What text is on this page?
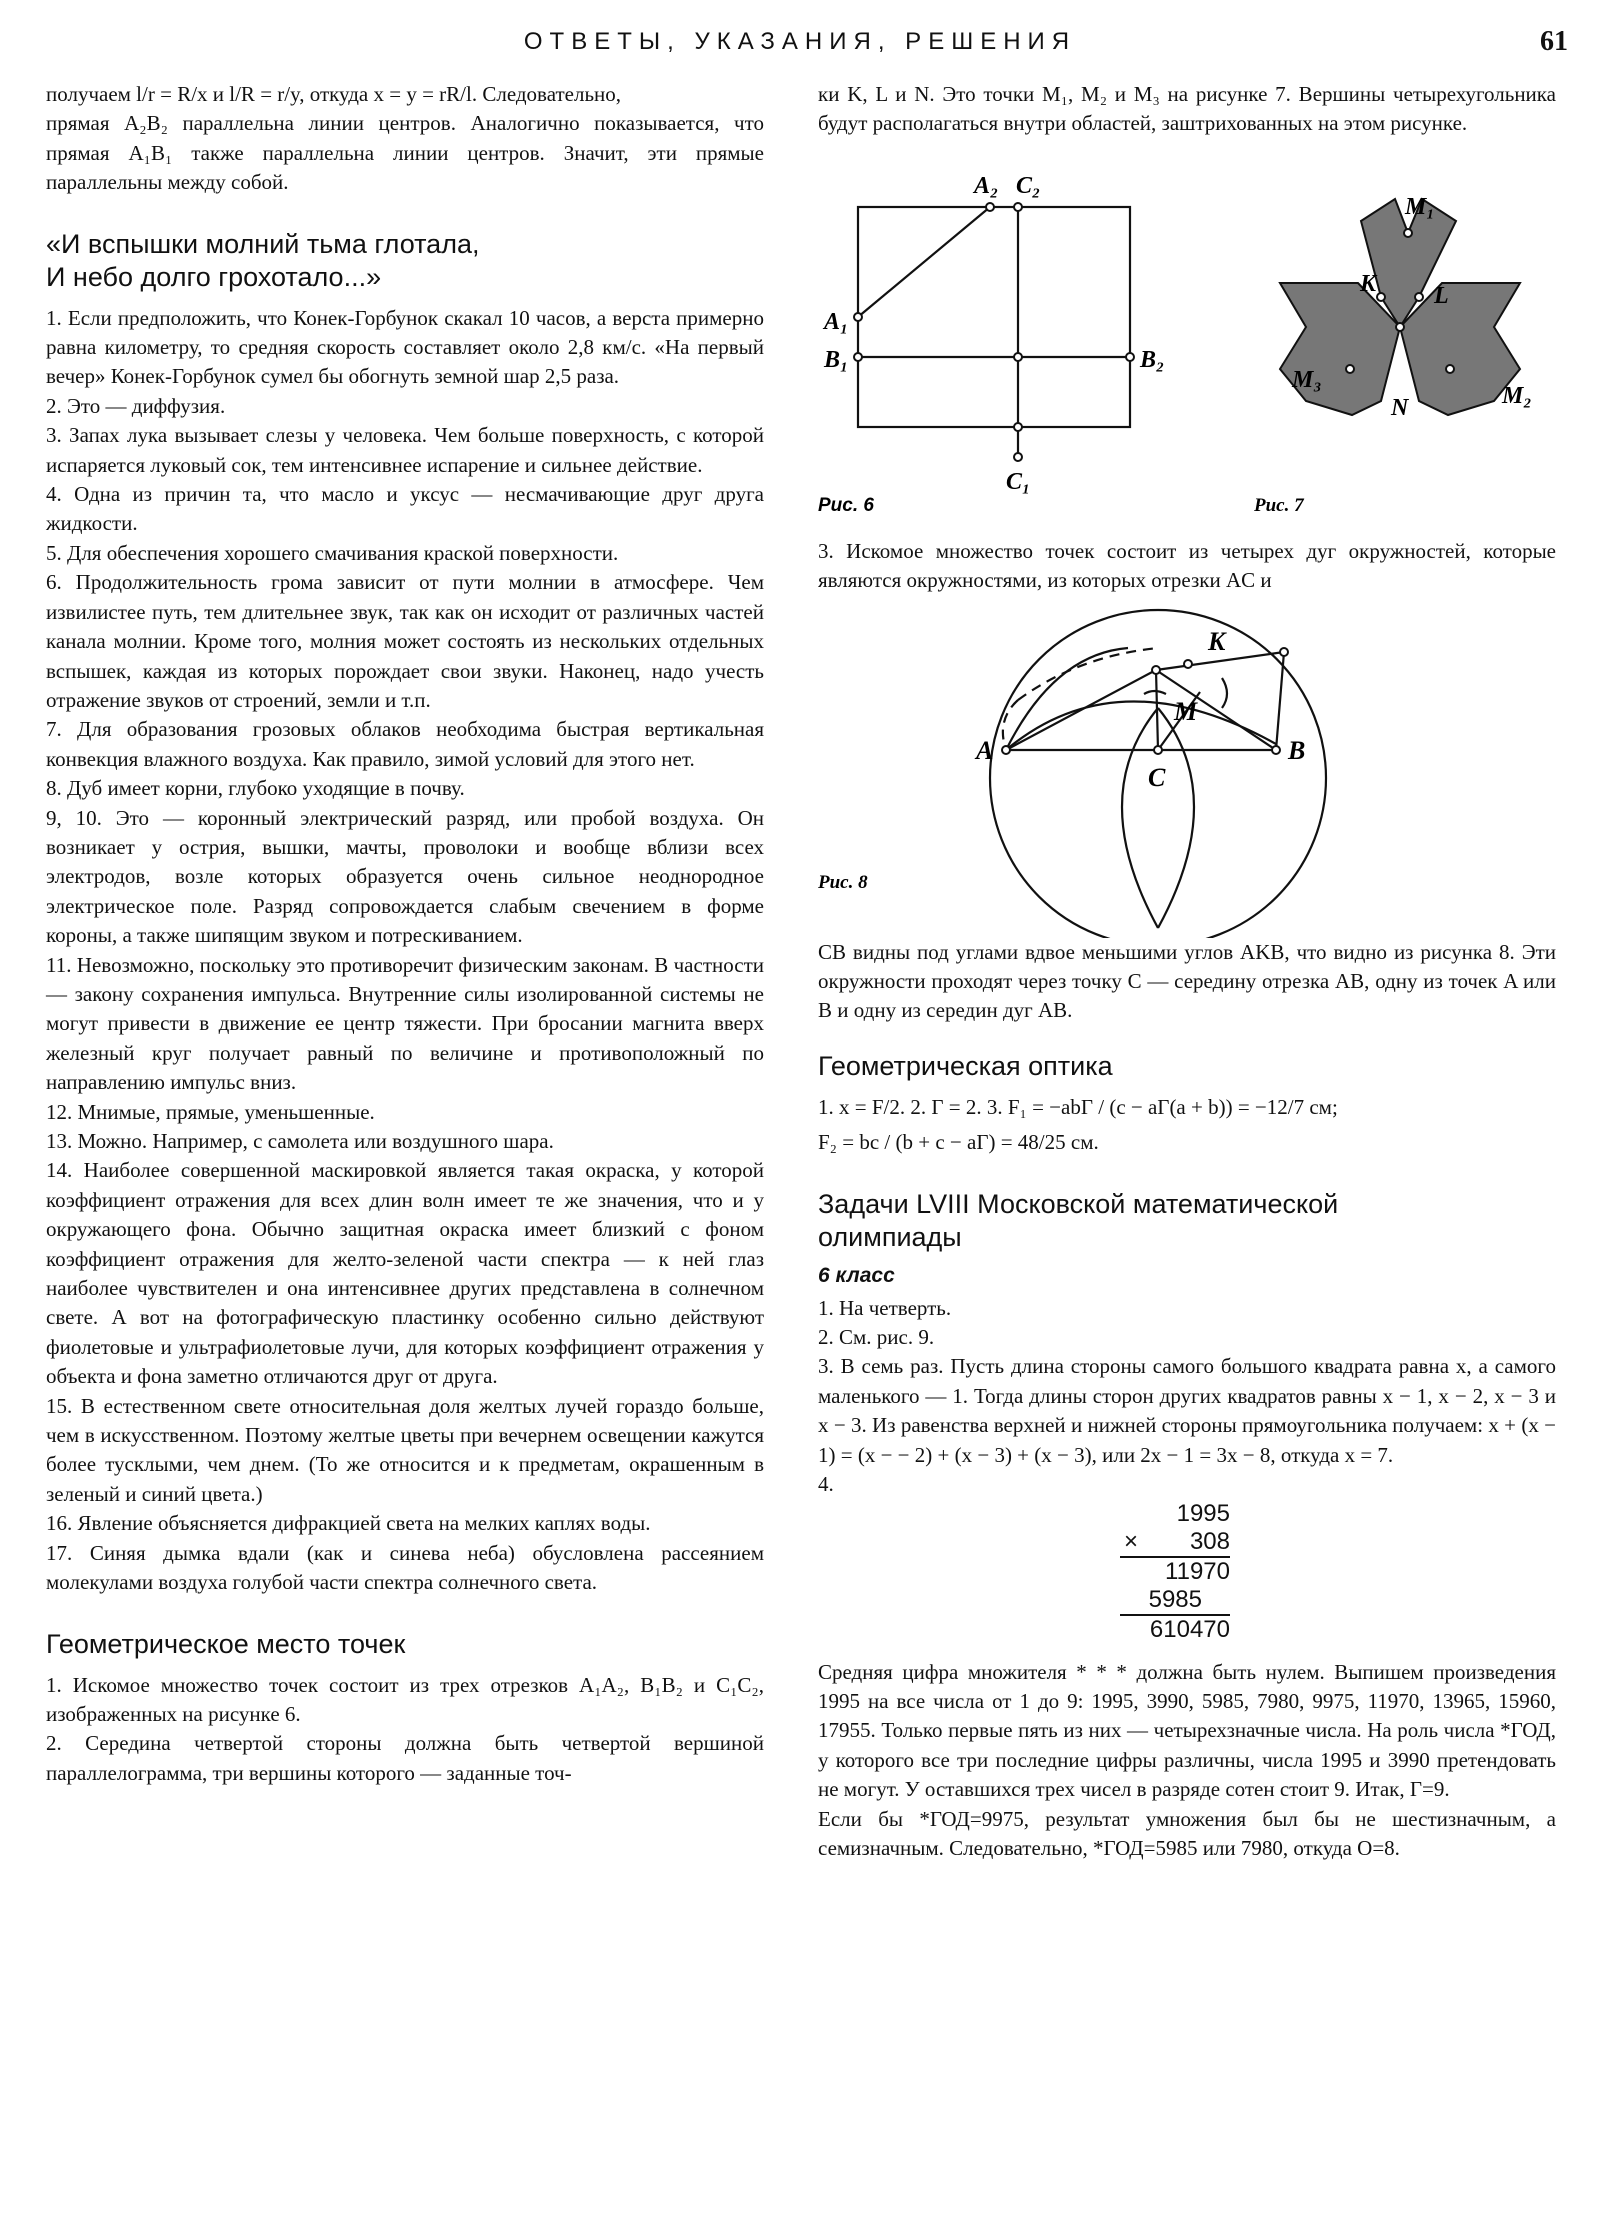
ОТВЕТЫ, УКАЗАНИЯ, РЕШЕНИЯ	61

получаем l/r = R/x и l/R = r/y, откуда x = y = rR/l. Следовательно,

прямая A₂B₂ параллельна линии центров. Аналогично показывается, что прямая A₁B₁ также параллельна линии центров. Значит, эти прямые параллельны между собой.

«И вспышки молний тьма глотала,
И небо долго грохотало...»

1. Если предположить, что Конек-Горбунок скакал 10 часов, а верста примерно равна километру, то средняя скорость составляет около 2,8 км/с. «На первый вечер» Конек-Горбунок сумел бы обогнуть земной шар 2,5 раза.

2. Это — диффузия.

3. Запах лука вызывает слезы у человека. Чем больше поверхность, с которой испаряется луковый сок, тем интенсивнее испарение и сильнее действие.

4. Одна из причин та, что масло и уксус — несмачивающие друг друга жидкости.

5. Для обеспечения хорошего смачивания краской поверхности.

6. Продолжительность грома зависит от пути молнии в атмосфере. Чем извилистее путь, тем длительнее звук, так как он исходит от различных частей канала молнии. Кроме того, молния может состоять из нескольких отдельных вспышек, каждая из которых порождает свои звуки. Наконец, надо учесть отражение звуков от строений, земли и т.п.

7. Для образования грозовых облаков необходима быстрая вертикальная конвекция влажного воздуха. Как правило, зимой условий для этого нет.

8. Дуб имеет корни, глубоко уходящие в почву.

9, 10. Это — коронный электрический разряд, или пробой воздуха. Он возникает у острия, вышки, мачты, проволоки и вообще вблизи всех электродов, возле которых образуется очень сильное неоднородное электрическое поле. Разряд сопровождается слабым свечением в форме короны, а также шипящим звуком и потрескиванием.

11. Невозможно, поскольку это противоречит физическим законам. В частности — закону сохранения импульса. Внутренние силы изолированной системы не могут привести в движение ее центр тяжести. При бросании магнита вверх железный круг получает равный по величине и противоположный по направлению импульс вниз.

12. Мнимые, прямые, уменьшенные.

13. Можно. Например, с самолета или воздушного шара.

14. Наиболее совершенной маскировкой является такая окраска, у которой коэффициент отражения для всех длин волн имеет те же значения, что и у окружающего фона. Обычно защитная окраска имеет близкий с фоном коэффициент отражения для желто-зеленой части спектра — к ней глаз наиболее чувствителен и она интенсивнее других представлена в солнечном свете. А вот на фотографическую пластинку особенно сильно действуют фиолетовые и ультрафиолетовые лучи, для которых коэффициент отражения у объекта и фона заметно отличаются друг от друга.

15. В естественном свете относительная доля желтых лучей гораздо больше, чем в искусственном. Поэтому желтые цветы при вечернем освещении кажутся более тусклыми, чем днем. (То же относится и к предметам, окрашенным в зеленый и синий цвета.)

16. Явление объясняется дифракцией света на мелких каплях воды.

17. Синяя дымка вдали (как и синева неба) обусловлена рассеянием молекулами воздуха голубой части спектра солнечного света.

Геометрическое место точек

1. Искомое множество точек состоит из трех отрезков A₁A₂, B₁B₂ и C₁C₂, изображенных на рисунке 6.

2. Середина четвертой стороны должна быть четвертой вершиной параллелограмма, три вершины которого — заданные точ-

ки K, L и N. Это точки M₁, M₂ и M₃ на рисунке 7. Вершины четырехугольника будут располагаться внутри областей, заштрихованных на этом рисунке.

A₁
A₂ C₂
B₁	B₂
C₁
M₁
K L
M₃
N	M₂
Рис. 6	Рис. 7

3. Искомое множество точек состоит из четырех дуг окружностей, которые являются окружностями, из которых отрезки AC и

A	B
C
K
M
Рис. 8

CB видны под углами вдвое меньшими углов AKB, что видно из рисунка 8. Эти окружности проходят через точку C — середину отрезка AB, одну из точек A или B и одну из середин дуг AB.

Геометрическая оптика

1. x = F/2. 2. Γ = 2. 3. F₁ = −abΓ / (c − aΓ(a + b)) = −12/7 см;

F₂ = bc / (b + c − aΓ) = 48/25 см.

Задачи LVIII Московской математической
олимпиады
6 класс

1. На четверть.

2. См. рис. 9.

3. В семь раз. Пусть длина стороны самого большого квадрата равна x, а самого маленького — 1. Тогда длины сторон других квадратов равны x − 1, x − 2, x − 3 и x − 3. Из равенства верхней и нижней стороны прямоугольника получаем: x + (x − 1) = (x − − 2) + (x − 3) + (x − 3), или 2x − 1 = 3x − 8, откуда x = 7.

4.

1995
× 308
11970
5985
610470

Средняя цифра множителя * * * должна быть нулем. Выпишем произведения 1995 на все числа от 1 до 9: 1995, 3990, 5985, 7980, 9975, 11970, 13965, 15960, 17955. Только первые пять из них — четырехзначные числа. На роль числа *ГОД, у которого все три последние цифры различны, числа 1995 и 3990 претендовать не могут. У оставшихся трех чисел в разряде сотен стоит 9. Итак, Г=9.

Если бы *ГОД=9975, результат умножения был бы не шестизначным, а семизначным. Следовательно, *ГОД=5985 или 7980, откуда О=8.
